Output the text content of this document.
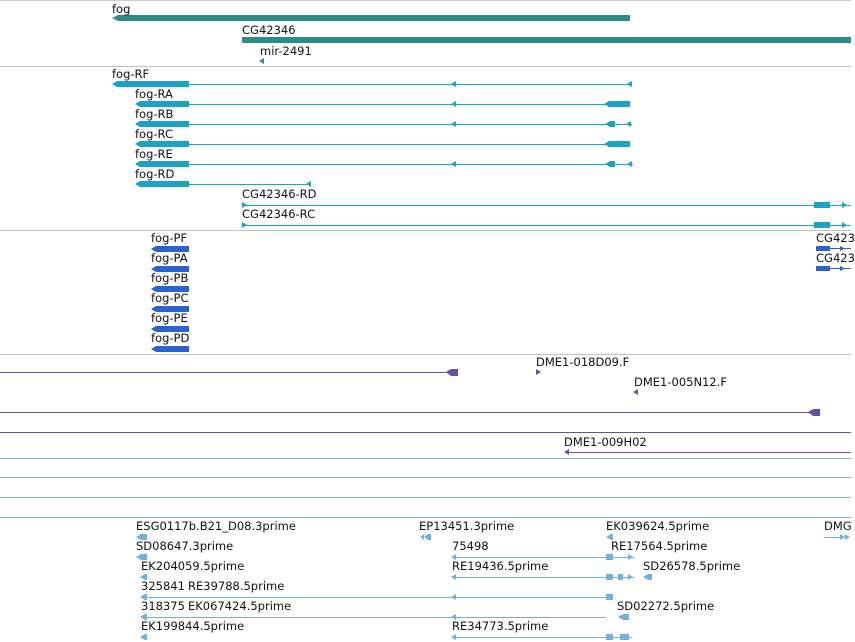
fog
CG42346
mir-2491
fog-RF
fog-RA
fog-RB
fog-RC
fog-RE
fog-RD
CG42346-RD
CG42346-RC
fog-PF
fog-PA
fog-PB
fog-PC
fog-PE
fog-PD
CG423
CG423
DME1-018D09.F
DME1-005N12.F
DME1-009H02
ESG0117b.B21_D08.3prime	EP13451.3prime	EK039624.5prime	DMG
SD08647.3prime	75498	RE17564.5prime
EK204059.5prime	RE19436.5prime	SD26578.5prime
325841 RE39788.5prime
318375 EK067424.5prime	SD02272.5prime
EK199844.5prime	RE34773.5prime
